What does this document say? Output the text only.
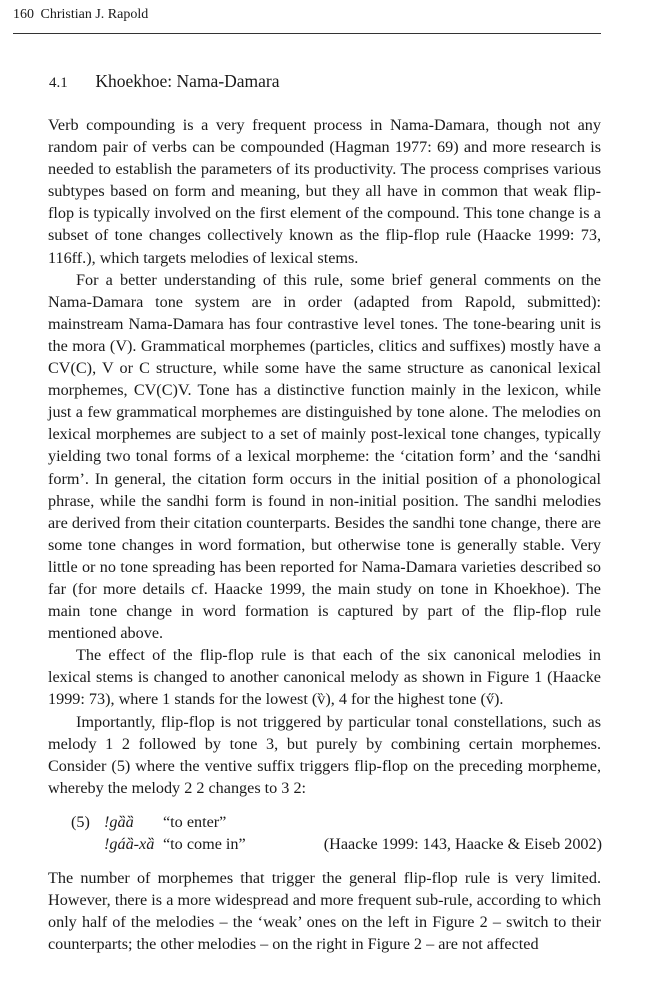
160 Christian J. Rapold
4.1 Khoekhoe: Nama-Damara

Verb compounding is a very frequent process in Nama-Damara, though not any random pair of verbs can be compounded (Hagman 1977: 69) and more research is needed to establish the parameters of its productivity. The process comprises various subtypes based on form and meaning, but they all have in common that weak flip-flop is typically involved on the first element of the compound. This tone change is a subset of tone changes collectively known as the flip-flop rule (Haacke 1999: 73, 116ff.), which targets melodies of lexical stems.

For a better understanding of this rule, some brief general comments on the Nama-Damara tone system are in order (adapted from Rapold, submitted): mainstream Nama-Damara has four contrastive level tones. The tone-bearing unit is the mora (V). Grammatical morphemes (particles, clitics and suffixes) mostly have a CV(C), V or C structure, while some have the same structure as canonical lexical morphemes, CV(C)V. Tone has a distinctive function mainly in the lexicon, while just a few grammatical morphemes are distinguished by tone alone. The melodies on lexical morphemes are subject to a set of mainly post-lexical tone changes, typically yielding two tonal forms of a lexical morpheme: the ‘citation form’ and the ‘sandhi form’. In general, the citation form occurs in the initial position of a phonological phrase, while the sandhi form is found in non-initial position. The sandhi melodies are derived from their citation counterparts. Besides the sandhi tone change, there are some tone changes in word formation, but otherwise tone is generally stable. Very little or no tone spreading has been reported for Nama-Damara varieties described so far (for more details cf. Haacke 1999, the main study on tone in Khoekhoe). The main tone change in word formation is captured by part of the flip-flop rule mentioned above.

The effect of the flip-flop rule is that each of the six canonical melodies in lexical stems is changed to another canonical melody as shown in Figure 1 (Haacke 1999: 73), where 1 stands for the lowest (v̏), 4 for the highest tone (v̋).

Importantly, flip-flop is not triggered by particular tonal constellations, such as melody 1 2 followed by tone 3, but purely by combining certain morphemes. Consider (5) where the ventive suffix triggers flip-flop on the preceding morpheme, whereby the melody 2 2 changes to 3 2:

(5) !gȁȁ “to enter”
!gáȁ-xȁ “to come in”	(Haacke 1999: 143, Haacke & Eiseb 2002)

The number of morphemes that trigger the general flip-flop rule is very limited. However, there is a more widespread and more frequent sub-rule, according to which only half of the melodies – the ‘weak’ ones on the left in Figure 2 – switch to their counterparts; the other melodies – on the right in Figure 2 – are not affected
